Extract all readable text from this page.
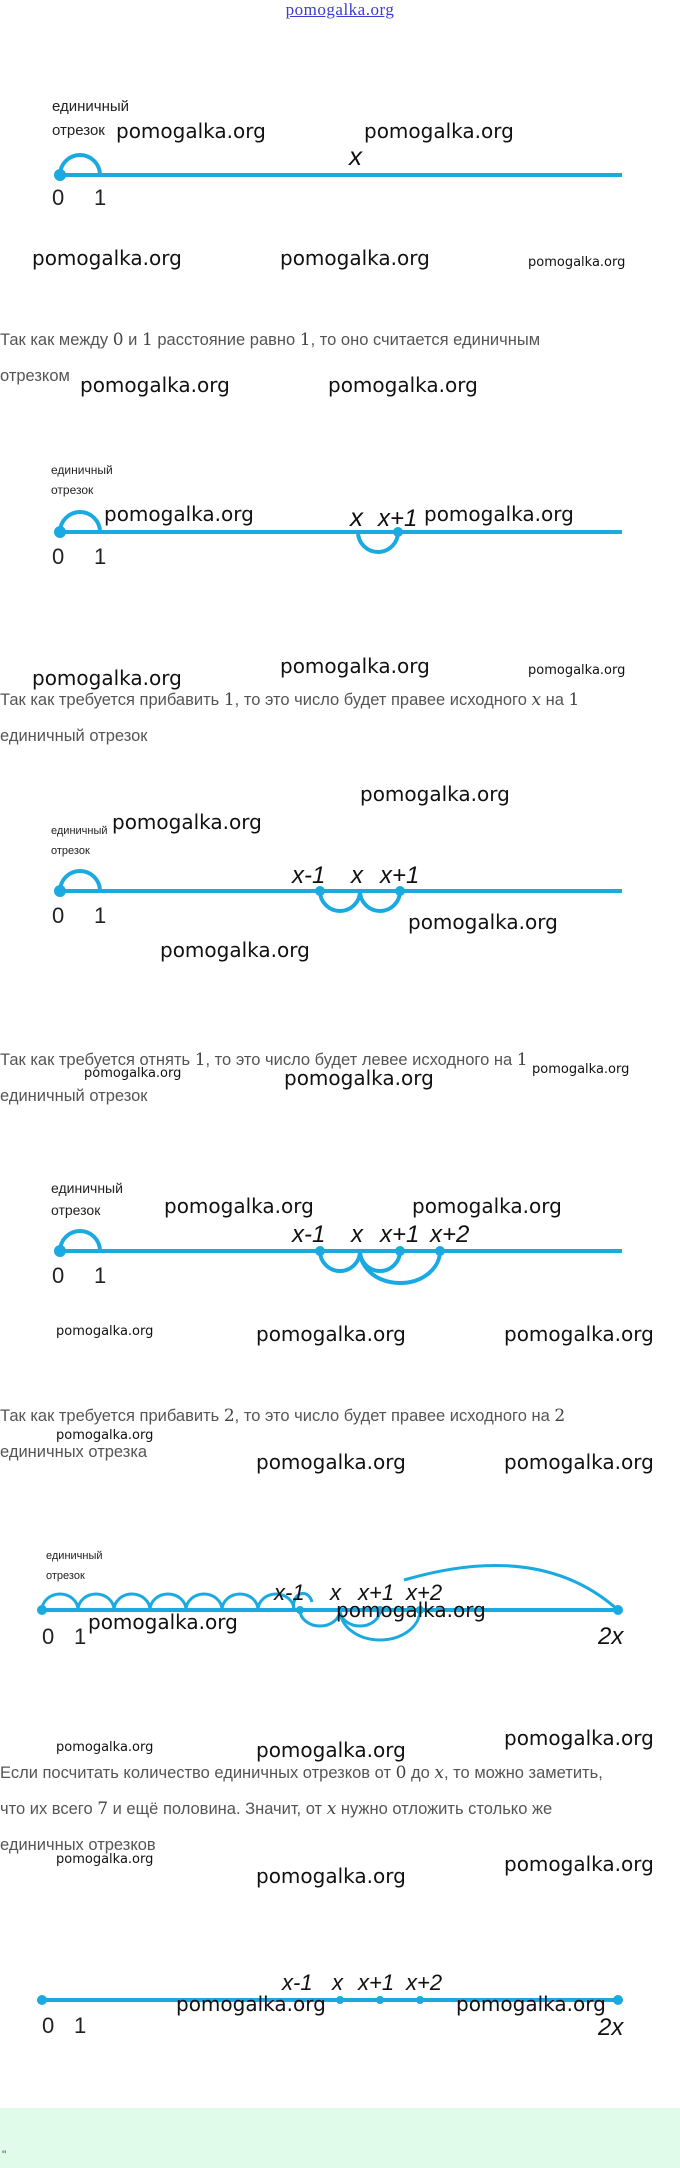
pomogalka.org
единичный
отрезок
0 1
x
pomogalka.org	pomogalka.org
pomogalka.org	pomogalka.org	pomogalka.org
Так как между 0 и 1 расстояние равно 1, то оно считается единичным
отрезком pomogalka.org	pomogalka.org
единичный
отрезок
0 1
x x+1
pomogalka.org	pomogalka.org
pomogalka.org	pomogalka.org
pomogalka.org
Так как требуется прибавить 1, то это число будет правее исходного x на 1
единичный отрезок
единичный
отрезок
0 1
x-1 x x+1
pomogalka.org
pomogalka.org
pomogalka.org
pomogalka.org
Так как требуется отнять 1, то это число будет левее исходного на 1
единичный отрезок
pomogalka.org	pomogalka.org	pomogalka.org
единичный
отрезок
0 1
x-1 x x+1 x+2
pomogalka.org	pomogalka.org
pomogalka.org	pomogalka.org	pomogalka.org
Так как требуется прибавить 2, то это число будет правее исходного на 2
единичных отрезка
pomogalka.org
pomogalka.org	pomogalka.org
единичный
отрезок
0 1
x-1 x x+1 x+2
2x
pomogalka.org
pomogalka.org
pomogalka.org	pomogalka.org	pomogalka.org
Если посчитать количество единичных отрезков от 0 до x, то можно заметить,
что их всего 7 и ещё половина. Значит, от x нужно отложить столько же
единичных отрезков
pomogalka.org
pomogalka.org	pomogalka.org
0 1
x-1 x x+1 x+2
2x
pomogalka.org	pomogalka.org
"
